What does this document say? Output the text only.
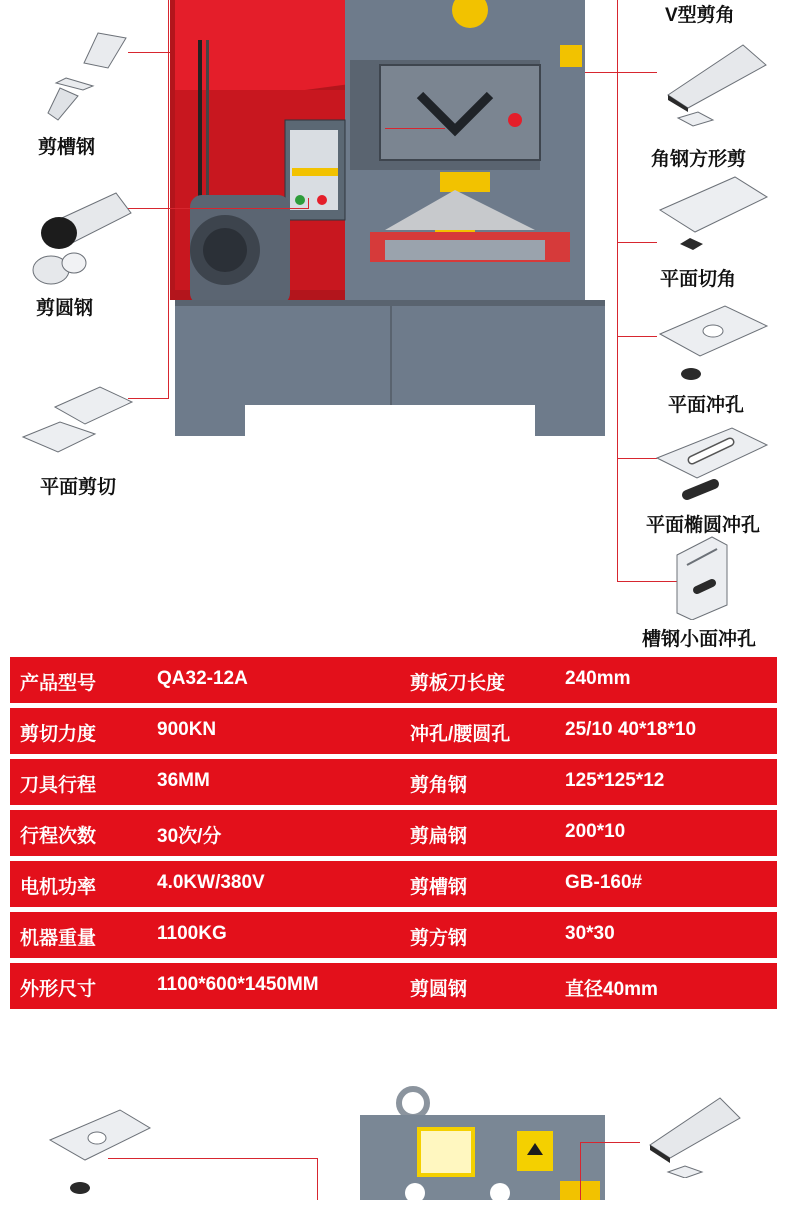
剪槽钢
剪圆钢
平面剪切
V型剪角
角钢方形剪
平面切角
平面冲孔
平面椭圆冲孔
槽钢小面冲孔
产品型号	QA32-12A	剪板刀长度	240mm
剪切力度	900KN	冲孔/腰圆孔	25/10 40*18*10
刀具行程	36MM	剪角钢	125*125*12
行程次数	30次/分	剪扁钢	200*10
电机功率	4.0KW/380V	剪槽钢	GB-160#
机器重量	1100KG	剪方钢	30*30
外形尺寸	1100*600*1450MM	剪圆钢	直径40mm
